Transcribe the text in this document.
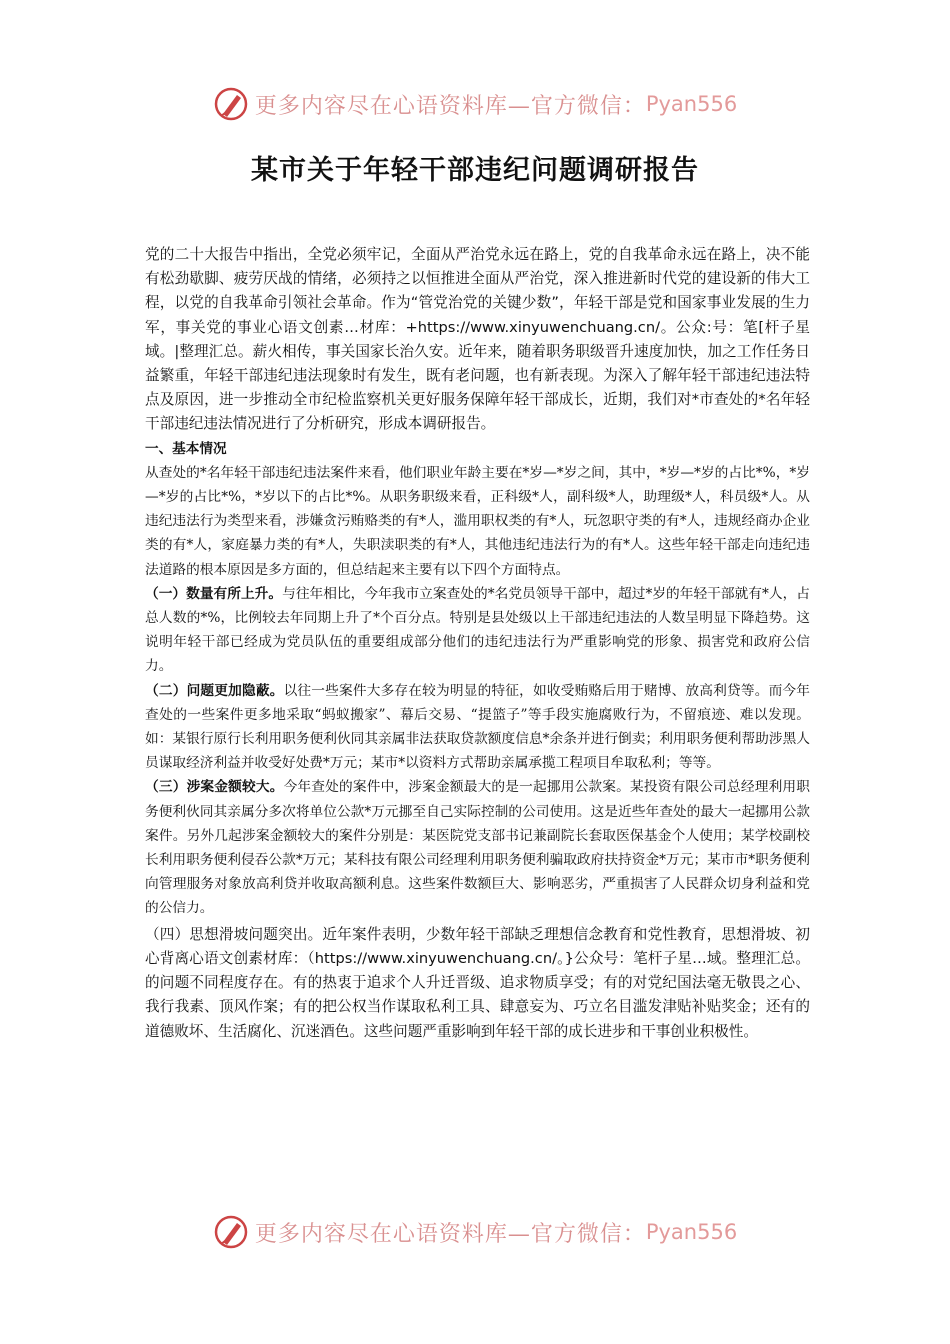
更多内容尽在心语资料库—官方微信： Pyan556
某市关于年轻干部违纪问题调研报告

党的二十大报告中指出，全党必须牢记，全面从严治党永远在路上，党的自我革命永远在路上，决不能有松劲歇脚、疲劳厌战的情绪，必须持之以恒推进全面从严治党，深入推进新时代党的建设新的伟大工程，以党的自我革命引领社会革命。作为“管党治党的关键少数”，年轻干部是党和国家事业发展的生力军，事关党的事业心语文创素…材库：+https://www.xinyuwenchuang.cn/。公众:号：笔[杆子星域。|整理汇总。薪火相传，事关国家长治久安。近年来，随着职务职级晋升速度加快，加之工作任务日益繁重，年轻干部违纪违法现象时有发生，既有老问题，也有新表现。为深入了解年轻干部违纪违法特点及原因，进一步推动全市纪检监察机关更好服务保障年轻干部成长，近期，我们对*市查处的*名年轻干部违纪违法情况进行了分析研究，形成本调研报告。

一、基本情况

从查处的*名年轻干部违纪违法案件来看，他们职业年龄主要在*岁—*岁之间，其中，*岁—*岁的占比*%，*岁—*岁的占比*%，*岁以下的占比*%。从职务职级来看，正科级*人，副科级*人，助理级*人，科员级*人。从违纪违法行为类型来看，涉嫌贪污贿赂类的有*人，滥用职权类的有*人，玩忽职守类的有*人，违规经商办企业类的有*人，家庭暴力类的有*人，失职渎职类的有*人，其他违纪违法行为的有*人。这些年轻干部走向违纪违法道路的根本原因是多方面的，但总结起来主要有以下四个方面特点。

（一）数量有所上升。与往年相比，今年我市立案查处的*名党员领导干部中，超过*岁的年轻干部就有*人，占总人数的*%，比例较去年同期上升了*个百分点。特别是县处级以上干部违纪违法的人数呈明显下降趋势。这说明年轻干部已经成为党员队伍的重要组成部分他们的违纪违法行为严重影响党的形象、损害党和政府公信力。

（二）问题更加隐蔽。以往一些案件大多存在较为明显的特征，如收受贿赂后用于赌博、放高利贷等。而今年查处的一些案件更多地采取“蚂蚁搬家”、幕后交易、“提篮子”等手段实施腐败行为，不留痕迹、难以发现。如：某银行原行长利用职务便利伙同其亲属非法获取贷款额度信息*余条并进行倒卖；利用职务便利帮助涉黑人员谋取经济利益并收受好处费*万元；某市*以资料方式帮助亲属承揽工程项目牟取私利；等等。

（三）涉案金额较大。今年查处的案件中，涉案金额最大的是一起挪用公款案。某投资有限公司总经理利用职务便利伙同其亲属分多次将单位公款*万元挪至自己实际控制的公司使用。这是近些年查处的最大一起挪用公款案件。另外几起涉案金额较大的案件分别是：某医院党支部书记兼副院长套取医保基金个人使用；某学校副校长利用职务便利侵吞公款*万元；某科技有限公司经理利用职务便利骗取政府扶持资金*万元；某市市*职务便利向管理服务对象放高利贷并收取高额利息。这些案件数额巨大、影响恶劣，严重损害了人民群众切身利益和党的公信力。

（四）思想滑坡问题突出。近年案件表明，少数年轻干部缺乏理想信念教育和党性教育，思想滑坡、初心背离心语文创素材库：（https://www.xinyuwenchuang.cn/。}公众号：笔杆子星…域。整理汇总。的问题不同程度存在。有的热衷于追求个人升迁晋级、追求物质享受；有的对党纪国法毫无敬畏之心、我行我素、顶风作案；有的把公权当作谋取私利工具、肆意妄为、巧立名目滥发津贴补贴奖金；还有的道德败坏、生活腐化、沉迷酒色。这些问题严重影响到年轻干部的成长进步和干事创业积极性。

更多内容尽在心语资料库—官方微信： Pyan556
